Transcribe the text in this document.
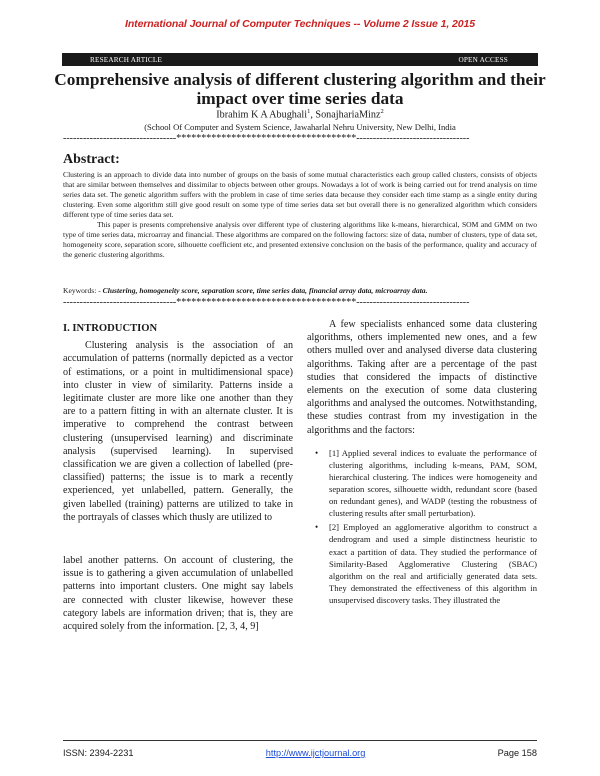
International Journal of Computer Techniques -- Volume 2 Issue 1, 2015
RESEARCH ARTICLE	OPEN ACCESS
Comprehensive analysis of different clustering algorithm and their impact over time series data
Ibrahim K A Abughali$^1$, SonajhariaMinz$^2$
(School Of Computer and System Science, Jawaharlal Nehru University, New Delhi, India
----------------------------------************************************----------------------------------
Abstract:

Clustering is an approach to divide data into number of groups on the basis of some mutual characteristics each group called clusters, consists of objects that are similar between themselves and dissimilar to objects between other groups. Nowadays a lot of work is being carried out for trend analysis on time series data set. The genetic algorithm suffers with the problem in case of time series data because they consider each time stamp as a single entity during clustering. Even some algorithm still give good result on some type of time series data set but overall there is no generalized algorithm which considers different type of time series data set.

This paper is presents comprehensive analysis over different type of clustering algorithms like k-means, hierarchical, SOM and GMM on two type of time series data, microarray and financial. These algorithms are compared on the following factors: size of data, number of clusters, type of data set, homogeneity score, separation score, silhouette coefficient etc, and presented extensive conclusion on the basis of the performance, quality and accuracy of the generic clustering algorithms.

Keywords: - Clustering, homogeneity score, separation score, time series data, financial array data, microarray data.
----------------------------------************************************----------------------------------
I. INTRODUCTION

Clustering analysis is the association of an accumulation of patterns (normally depicted as a vector of estimations, or a point in multidimensional space) into cluster in view of similarity. Patterns inside a legitimate cluster are more like one another than they are to a pattern fitting in with an alternate cluster. It is imperative to comprehend the contrast between clustering (unsupervised learning) and discriminate analysis (supervised learning). In supervised classification we are given a collection of labelled (pre-classified) patterns; the issue is to mark a recently experienced, yet unlabelled, pattern. Generally, the given labelled (training) patterns are utilized to take in the portrayals of classes which thusly are utilized to

label another patterns. On account of clustering, the issue is to gathering a given accumulation of unlabelled patterns into important clusters. One might say labels are connected with cluster likewise, however these category labels are information driven; that is, they are acquired solely from the information. [2, 3, 4, 9]

A few specialists enhanced some data clustering algorithms, others implemented new ones, and a few others mulled over and analysed diverse data clustering algorithms. Taking after are a percentage of the past studies that considered the impacts of distinctive elements on the execution of some data clustering algorithms and analysed the outcomes. Notwithstanding, these studies contrast from my investigation in the algorithms and the factors:

• [1] Applied several indices to evaluate the performance of clustering algorithms, including k-means, PAM, SOM, hierarchical clustering. The indices were homogeneity and separation scores, silhouette width, redundant score (based on redundant genes), and WADP (testing the robustness of clustering results after small perturbation).
• [2] Employed an agglomerative algorithm to construct a dendrogram and used a simple distinctness heuristic to exact a partition of data. They studied the performance of Similarity-Based Agglomerative Clustering (SBAC) algorithm on the real and artificially generated data sets. They demonstrated the effectiveness of this algorithm in unsupervised discovery tasks. They illustrated the
ISSN: 2394-2231	http://www.ijctjournal.org	Page 158
